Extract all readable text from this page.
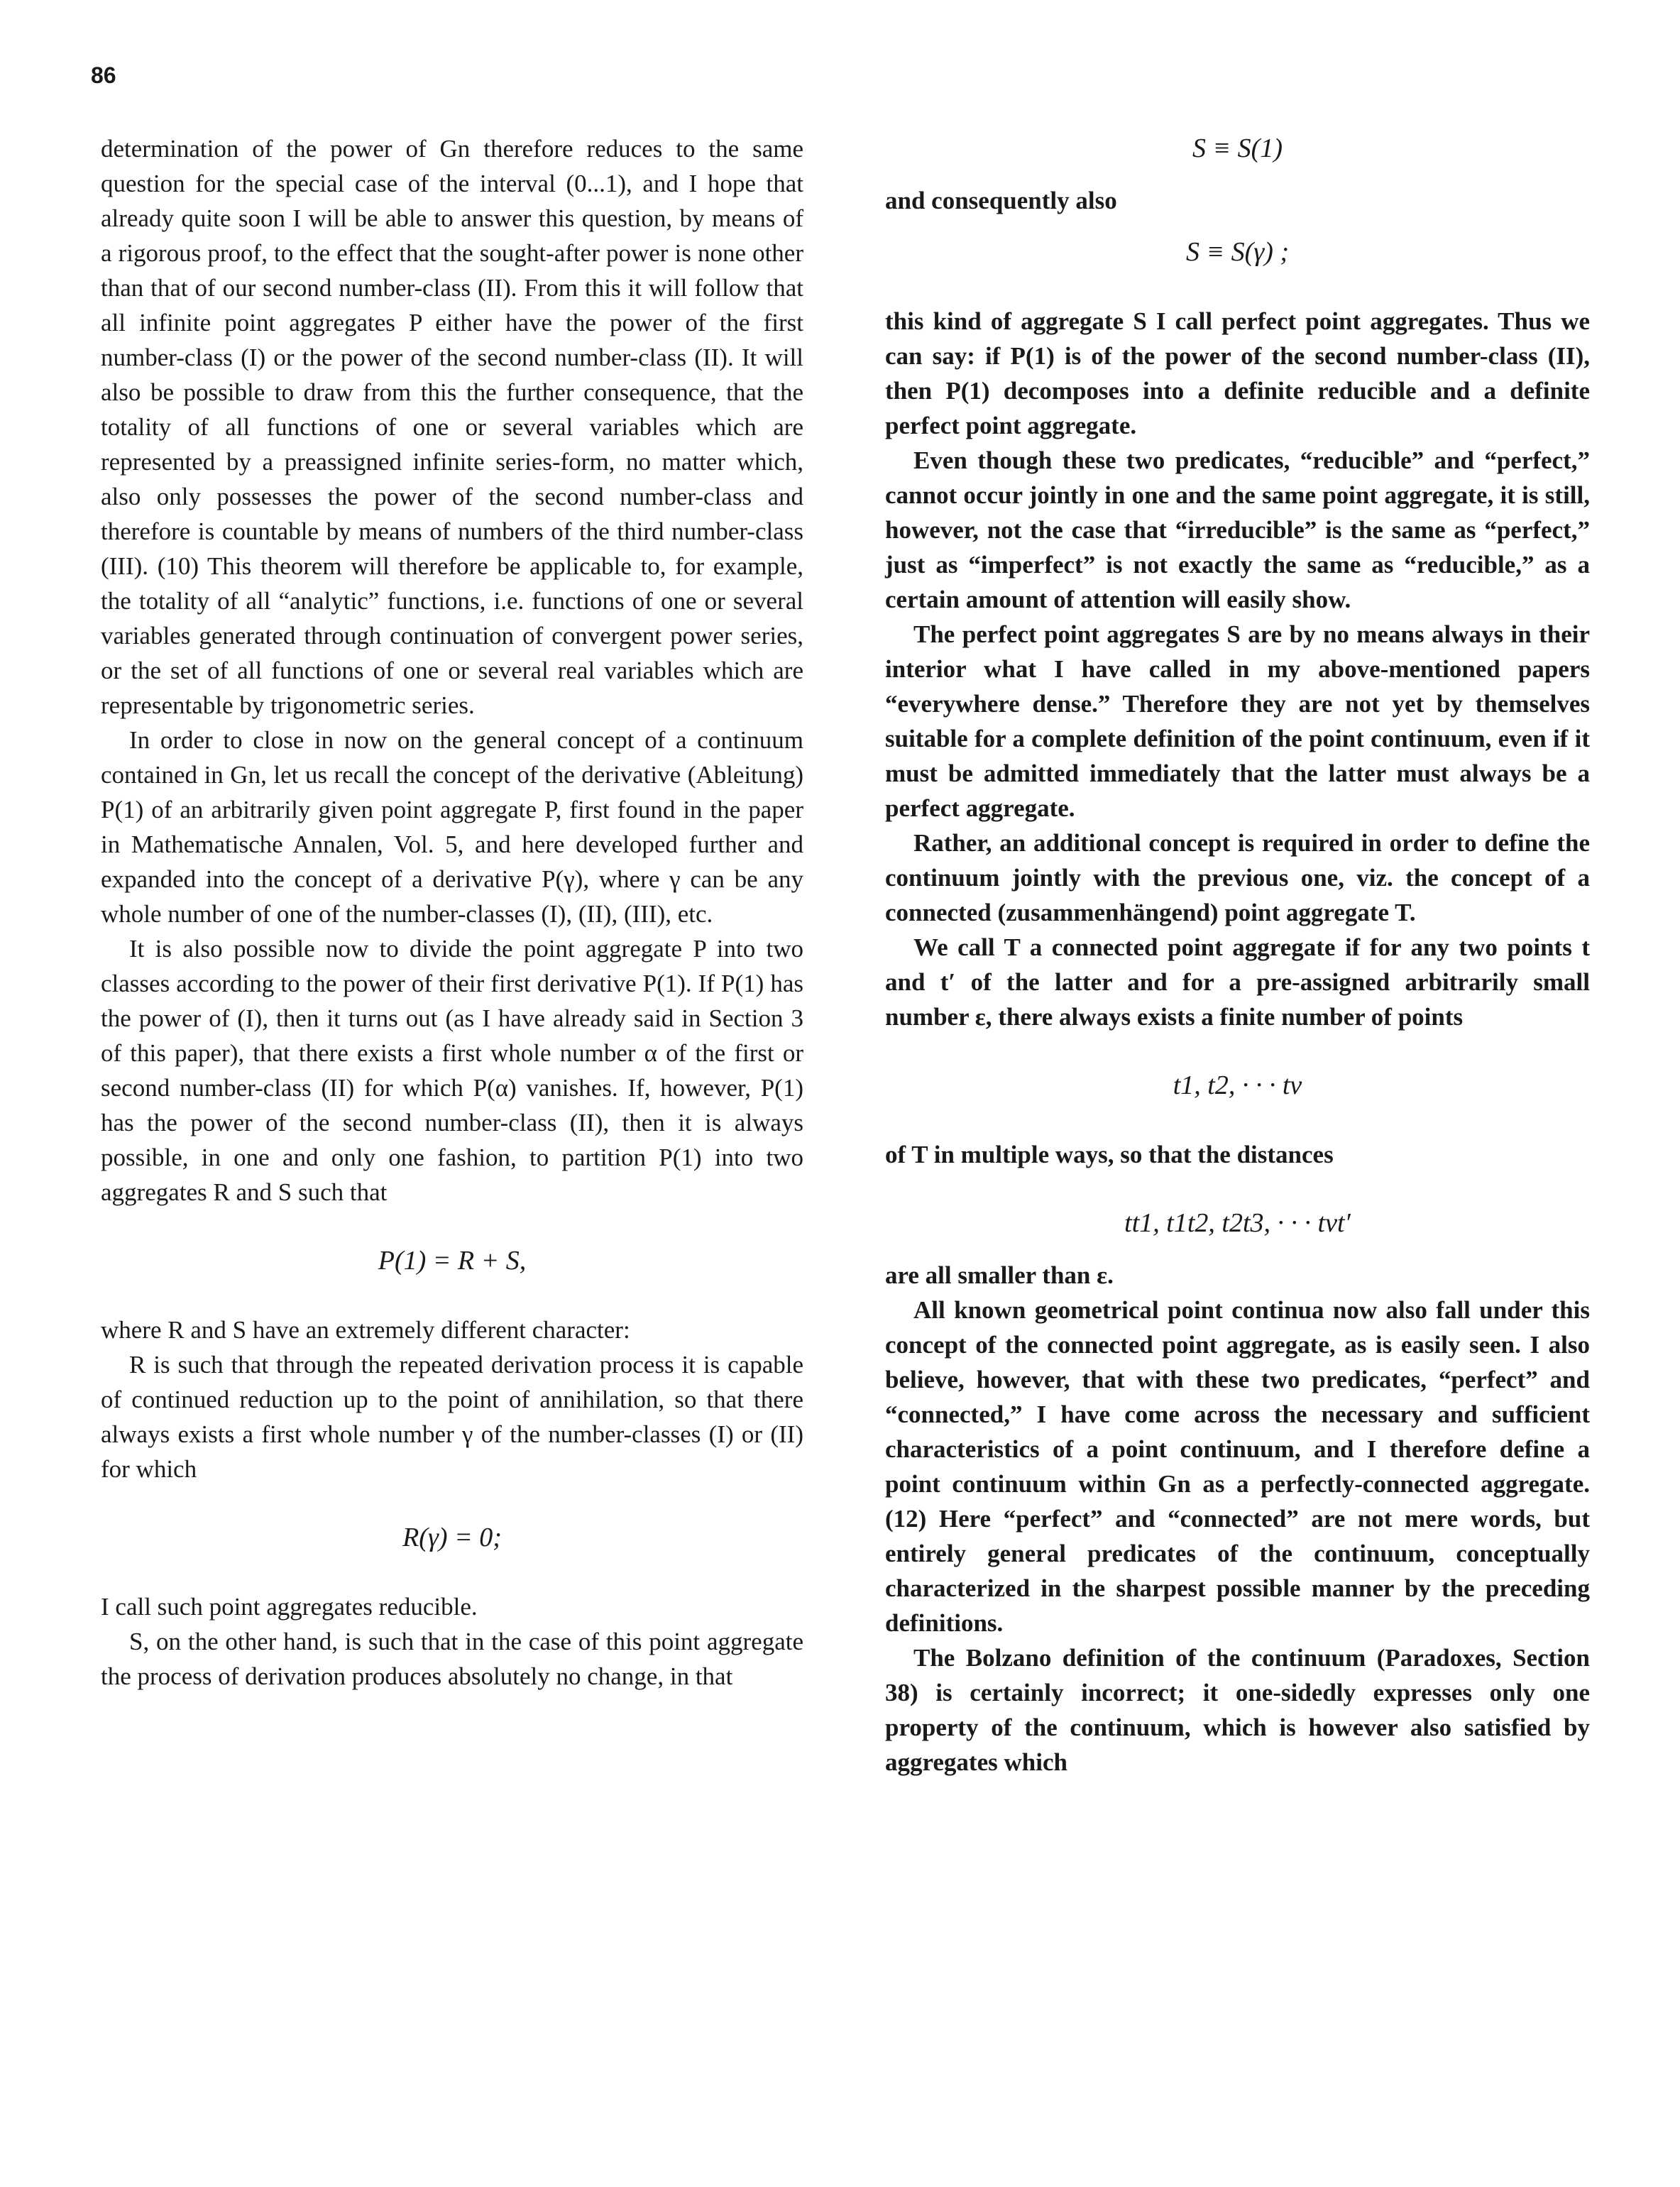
86

determination of the power of Gn therefore reduces to the same question for the special case of the interval (0...1), and I hope that already quite soon I will be able to answer this question, by means of a rigorous proof, to the effect that the sought-after power is none other than that of our second number-class (II). From this it will follow that all infinite point aggregates P either have the power of the first number-class (I) or the power of the second number-class (II). It will also be possible to draw from this the further consequence, that the totality of all functions of one or several variables which are represented by a preassigned infinite series-form, no matter which, also only possesses the power of the second number-class and therefore is countable by means of numbers of the third number-class (III). (10) This theorem will therefore be applicable to, for example, the totality of all “analytic” functions, i.e. functions of one or several variables generated through continuation of convergent power series, or the set of all functions of one or several real variables which are representable by trigonometric series.

In order to close in now on the general concept of a continuum contained in Gn, let us recall the concept of the derivative (Ableitung) P(1) of an arbitrarily given point aggregate P, first found in the paper in Mathematische Annalen, Vol. 5, and here developed further and expanded into the concept of a derivative P(γ), where γ can be any whole number of one of the number-classes (I), (II), (III), etc.

It is also possible now to divide the point aggregate P into two classes according to the power of their first derivative P(1). If P(1) has the power of (I), then it turns out (as I have already said in Section 3 of this paper), that there exists a first whole number α of the first or second number-class (II) for which P(α) vanishes. If, however, P(1) has the power of the second number-class (II), then it is always possible, in one and only one fashion, to partition P(1) into two aggregates R and S such that

P(1) = R + S,

where R and S have an extremely different character:

R is such that through the repeated derivation process it is capable of continued reduction up to the point of annihilation, so that there always exists a first whole number γ of the number-classes (I) or (II) for which

R(γ) = 0;

I call such point aggregates reducible.

S, on the other hand, is such that in the case of this point aggregate the process of derivation produces absolutely no change, in that

S ≡ S(1)

and consequently also

S ≡ S(γ) ;

this kind of aggregate S I call perfect point aggregates. Thus we can say: if P(1) is of the power of the second number-class (II), then P(1) decomposes into a definite reducible and a definite perfect point aggregate.

Even though these two predicates, “reducible” and “perfect,” cannot occur jointly in one and the same point aggregate, it is still, however, not the case that “irreducible” is the same as “perfect,” just as “imperfect” is not exactly the same as “reducible,” as a certain amount of attention will easily show.

The perfect point aggregates S are by no means always in their interior what I have called in my above-mentioned papers “everywhere dense.” Therefore they are not yet by themselves suitable for a complete definition of the point continuum, even if it must be admitted immediately that the latter must always be a perfect aggregate.

Rather, an additional concept is required in order to define the continuum jointly with the previous one, viz. the concept of a connected (zusammenhängend) point aggregate T.

We call T a connected point aggregate if for any two points t and t′ of the latter and for a pre-assigned arbitrarily small number ε, there always exists a finite number of points

t1, t2, · · · tν

of T in multiple ways, so that the distances

tt1, t1t2, t2t3, · · · tνt′

are all smaller than ε.

All known geometrical point continua now also fall under this concept of the connected point aggregate, as is easily seen. I also believe, however, that with these two predicates, “perfect” and “connected,” I have come across the necessary and sufficient characteristics of a point continuum, and I therefore define a point continuum within Gn as a perfectly-connected aggregate. (12) Here “perfect” and “connected” are not mere words, but entirely general predicates of the continuum, conceptually characterized in the sharpest possible manner by the preceding definitions.

The Bolzano definition of the continuum (Paradoxes, Section 38) is certainly incorrect; it one-sidedly expresses only one property of the continuum, which is however also satisfied by aggregates which
